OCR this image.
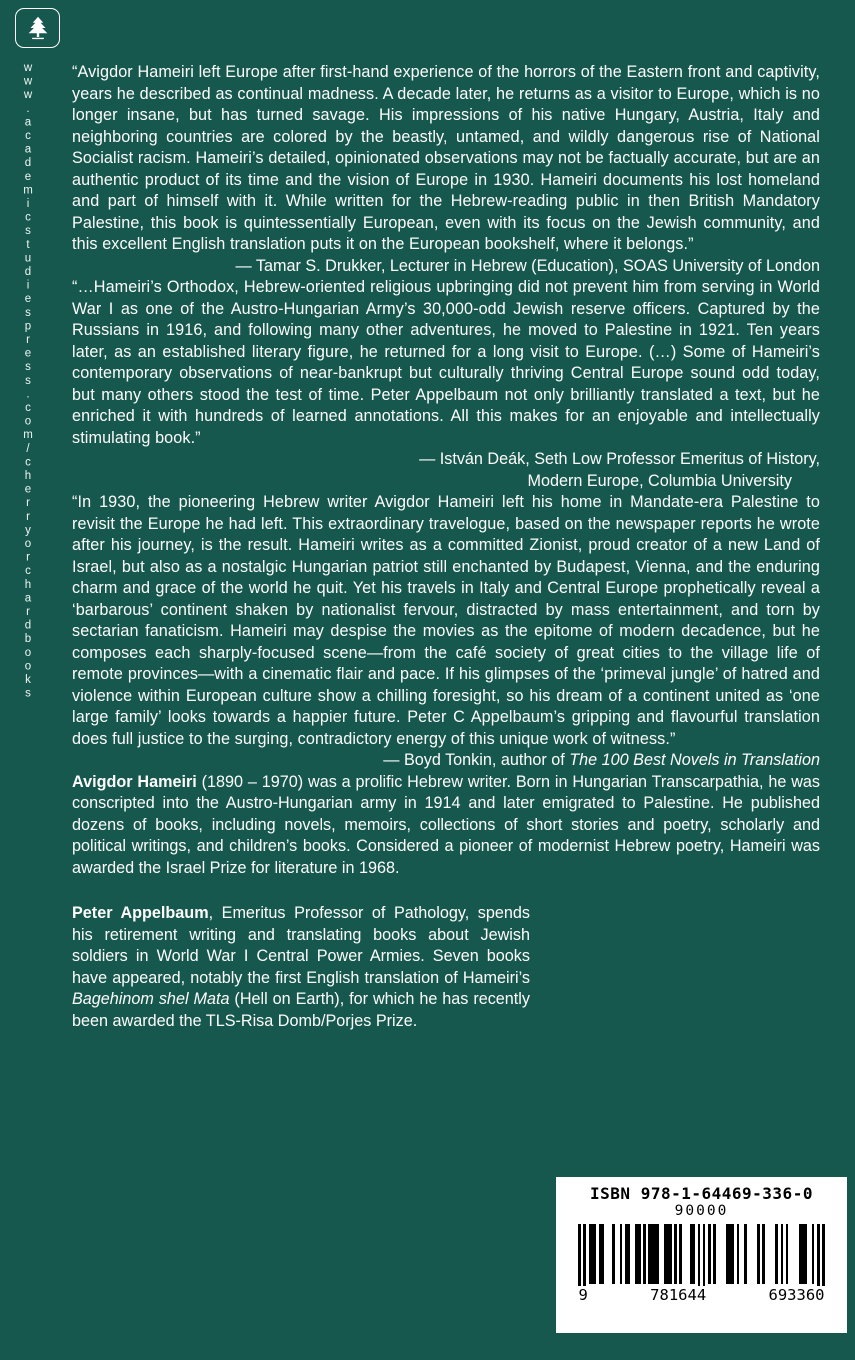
www.academicstudiespress.com/cherryorchardbooks “Avigdor Hameiri left Europe after first-hand experience of the horrors of the Eastern front and captivity, years he described as continual madness. A decade later, he returns as a visitor to Europe, which is no longer insane, but has turned savage. His impressions of his native Hungary, Austria, Italy and neighboring countries are colored by the beastly, untamed, and wildly dangerous rise of National Socialist racism. Hameiri’s detailed, opinionated observations may not be factually accurate, but are an authentic product of its time and the vision of Europe in 1930. Hameiri documents his lost homeland and part of himself with it. While written for the Hebrew-reading public in then British Mandatory Palestine, this book is quintessentially European, even with its focus on the Jewish community, and this excellent English translation puts it on the European bookshelf, where it belongs.”

— Tamar S. Drukker, Lecturer in Hebrew (Education), SOAS University of London

“…Hameiri’s Orthodox, Hebrew-oriented religious upbringing did not prevent him from serving in World War I as one of the Austro-Hungarian Army’s 30,000-odd Jewish reserve officers. Captured by the Russians in 1916, and following many other adventures, he moved to Palestine in 1921. Ten years later, as an established literary figure, he returned for a long visit to Europe. (…) Some of Hameiri’s contemporary observations of near-bankrupt but culturally thriving Central Europe sound odd today, but many others stood the test of time. Peter Appelbaum not only brilliantly translated a text, but he enriched it with hundreds of learned annotations. All this makes for an enjoyable and intellectually stimulating book.”

— István Deák, Seth Low Professor Emeritus of History,
Modern Europe, Columbia University

“In 1930, the pioneering Hebrew writer Avigdor Hameiri left his home in Mandate-era Palestine to revisit the Europe he had left. This extraordinary travelogue, based on the newspaper reports he wrote after his journey, is the result. Hameiri writes as a committed Zionist, proud creator of a new Land of Israel, but also as a nostalgic Hungarian patriot still enchanted by Budapest, Vienna, and the enduring charm and grace of the world he quit. Yet his travels in Italy and Central Europe prophetically reveal a ‘barbarous’ continent shaken by nationalist fervour, distracted by mass entertainment, and torn by sectarian fanaticism. Hameiri may despise the movies as the epitome of modern decadence, but he composes each sharply-focused scene—from the café society of great cities to the village life of remote provinces—with a cinematic flair and pace. If his glimpses of the ‘primeval jungle’ of hatred and violence within European culture show a chilling foresight, so his dream of a continent united as ‘one large family’ looks towards a happier future. Peter C Appelbaum’s gripping and flavourful translation does full justice to the surging, contradictory energy of this unique work of witness.”

— Boyd Tonkin, author of The 100 Best Novels in Translation

Avigdor Hameiri (1890 – 1970) was a prolific Hebrew writer. Born in Hungarian Transcarpathia, he was conscripted into the Austro-Hungarian army in 1914 and later emigrated to Palestine. He published dozens of books, including novels, memoirs, collections of short stories and poetry, scholarly and political writings, and children’s books. Considered a pioneer of modernist Hebrew poetry, Hameiri was awarded the Israel Prize for literature in 1968.

Peter Appelbaum, Emeritus Professor of Pathology, spends his retirement writing and translating books about Jewish soldiers in World War I Central Power Armies. Seven books have appeared, notably the first English translation of Hameiri’s Bagehinom shel Mata (Hell on Earth), for which he has recently been awarded the TLS-Risa Domb/Porjes Prize.

ISBN 978-1-64469-336-0
90000
9	781644	693360
